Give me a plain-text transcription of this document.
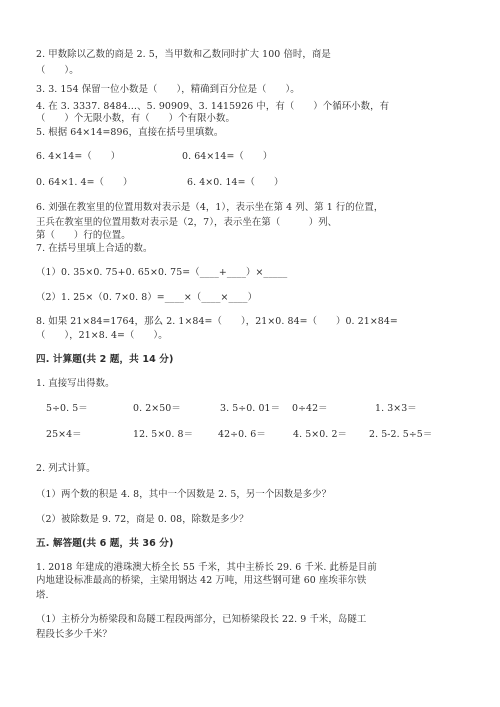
2. 甲数除以乙数的商是 2. 5，当甲数和乙数同时扩大 100 倍时，商是
（　　）。
3. 3. 154 保留一位小数是（　　），精确到百分位是（　　）。
4. 在 3. 3337. 8484…、5. 90909、3. 1415926 中，有（　　）个循环小数，有
（　　）个无限小数，有（　　）个有限小数。
5. 根据 64×14=896，直接在括号里填数。
6. 4×14=（　　）	0. 64×14=（　　）
0. 64×1. 4=（　　）	6. 4×0. 14=（　　）
6. 刘强在教室里的位置用数对表示是（4，1），表示坐在第 4 列、第 1 行的位置，
王兵在教室里的位置用数对表示是（2，7），表示坐在第（　　　）列、
第（　　）行的位置。
7. 在括号里填上合适的数。
（1）0. 35×0. 75+0. 65×0. 75=（____+____）×_____
（2）1. 25×（0. 7×0. 8）=____×（____×____）
8. 如果 21×84=1764，那么 2. 1×84=（　　），21×0. 84=（　　）0. 21×84=
（　　），21×8. 4=（　　）。
四. 计算题(共 2 题，共 14 分)
1. 直接写出得数。
5÷0. 5＝	0. 2×50＝	3. 5÷0. 01＝ 0÷42＝	1. 3×3＝
25×4＝	12. 5×0. 8＝	42÷0. 6＝	4. 5×0. 2＝ 2. 5-2. 5÷5＝
2. 列式计算。
（1）两个数的积是 4. 8，其中一个因数是 2. 5，另一个因数是多少？
（2）被除数是 9. 72，商是 0. 08，除数是多少？
五. 解答题(共 6 题，共 36 分)
1. 2018 年建成的港珠澳大桥全长 55 千米，其中主桥长 29. 6 千米. 此桥是目前
内地建设标准最高的桥梁，主梁用钢达 42 万吨，用这些钢可建 60 座埃菲尔铁
塔.
（1）主桥分为桥梁段和岛隧工程段两部分，已知桥梁段长 22. 9 千米，岛隧工
程段长多少千米？
